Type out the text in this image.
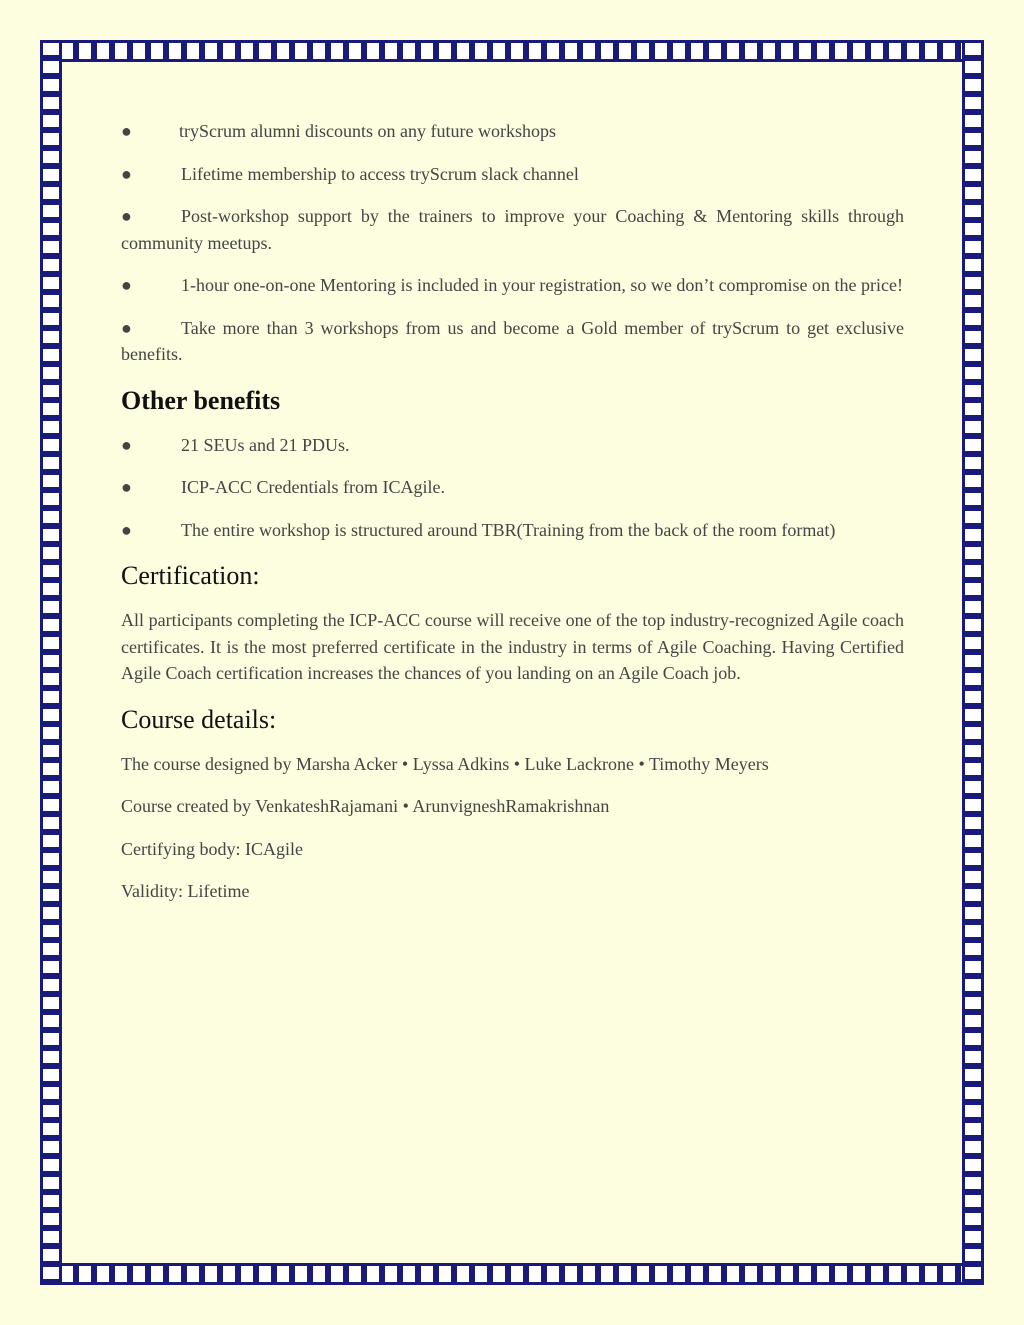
●	tryScrum alumni discounts on any future workshops

●	Lifetime membership to access tryScrum slack channel

●	Post-workshop support by the trainers to improve your Coaching & Mentoring skills through community meetups.

●	1-hour one-on-one Mentoring is included in your registration, so we don’t compromise on the price!

●	Take more than 3 workshops from us and become a Gold member of tryScrum to get exclusive benefits.

Other benefits

●	21 SEUs and 21 PDUs.

●	ICP-ACC Credentials from ICAgile.

●	The entire workshop is structured around TBR(Training from the back of the room format)

Certification:

All participants completing the ICP-ACC course will receive one of the top industry-recognized Agile coach certificates. It is the most preferred certificate in the industry in terms of Agile Coaching. Having Certified Agile Coach certification increases the chances of you landing on an Agile Coach job.

Course details:

The course designed by Marsha Acker • Lyssa Adkins • Luke Lackrone • Timothy Meyers

Course created by VenkateshRajamani • ArunvigneshRamakrishnan

Certifying body: ICAgile

Validity: Lifetime
